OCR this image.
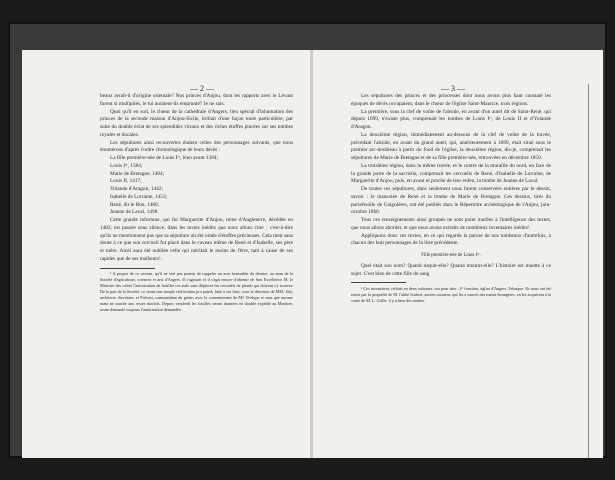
— 2 —

beaux seraît-il d'origine orientale? Nos princes d'Anjou, dont les rapports avec le Levant furent si multipliés, le lui auraient-ils emprunté? Je ne sais.

Quoi qu'il en soit, le chœur de la cathédrale d'Angers, lieu spécial d'inhumation des princes de la seconde maison d'Anjou-Sicile, brillait d'une façon toute particulière, par suite du double éclat de ses splendides vitraux et des riches étoffes placées sur ses tombes royales et ducales.

Les sépultures ainsi recouvertes étaient celles des personnages suivants, que nous énumérons d'après l'ordre chronologique de leurs décès :

La fille première-née de Louis Iᵉʳ, bien avant 1384;

Louis Iᵉʳ, 1384;

Marie de Bretagne, 1404;

Louis II, 1417;

Yolande d'Aragon, 1442;

Isabelle de Lorraine, 1453;

René, dit le Bon, 1480;

Jeanne de Laval, 1498.

Cette grande infortune, qui fut Marguerite d'Anjou, reine d'Angleterre, décédée en 1482, est passée sous silence, dans les textes inédits que nous allons citer : c'est-à-dire qu'ils ne mentionnent pas que sa sépulture ait été ornée d'étoffes précieuses. Cela tient sans doute à ce que son cercueil fut placé dans le caveau même de René et d'Isabelle, ses père et mère. Ainsi aura été oubliée celle qui méritait le moins de l'être, tant à cause de ses rapides que de ses malheurs¹.

¹ A propos de ce caveau, qu'il ne soit pas permis de rappeler un acte honorable du dernier, au nom de la Société d'agriculture, sciences et arts d'Angers. Il s'agissait et il s'agit encore d'obtenir de Son Excellence M. le Ministre des cultes l'autorisation de fouiller cet asile sans déplacer les cercueils de plomb qui doivent s'y trouver. De la part de la Société, ce serait une simple vérification pro patriâ, faite à ses frais, sous la direction de MM. Joly, architecte diocésain, et Prévost, commandant du génie, avec le consentement de Mᵍʳ l'évêque et sans que aucune main ne touche aux restes mortels. Depuis vendredi les fouilles seront données en double expédié au Ministre, avant demande toujours l'autorisation demandée.

— 3 —

Les sépultures des princes et des princesses dont nous avons plus haut constaté les époques de décès occupaient, dans le chœur de l'église Saint-Maurice, trois régions.

La première, sous la clef de voûte de l'abside, en avant d'un autel dit de Saint-René, qui depuis 1699, n'existe plus, comprenait les tombes de Louis Iᵉʳ, de Louis II et d'Yolande d'Aragon.

La deuxième région, immédiatement au-dessous de la clef de voûte de la travée, précédant l'abside, en avant du grand autel, qui, antérieurement à 1699, était situé sous le premier arc-doubleau à partir du fond de l'église, la deuxième région, dis-je, comprenait les sépultures de Marie de Bretagne et de sa fille première-née, retrouvées en décembre 1850.

La troisième région, dans la même travée, et le centre de la muraille du nord, en face de la grande porte de la sacristie, comprenait les cercueils de René, d'Isabelle de Lorraine, de Marguerite d'Anjou, puis, en avant et proche de leur enfeu, la tombe de Jeanne de Laval.

De toutes ces sépultures, dans seulement nous furent conservées entières par le dessin, savoir : le mausolée de René et la tombe de Marie de Bretagne. Ces dessins, tirés du portefeuille de Gaignières, ont été publiés dans le Répertoire archéologique de l'Anjou, juin-octobre 1866.

Tous ces renseignements ainsi groupés ne sont point inutiles à l'intelligence des textes, que nous allons aborder, et que nous avons extraits de nombreux inventaires inédits¹.

Appliquons donc ces textes, en ce qui regarde la parure de nos tombeaux d'autrefois, à chacun des huit personnages de la liste précédente.

Fille première-née de Louis Iᵉʳ.

Quel était son nom? Quand naquit-elle? Quand mourut-elle? L'histoire est muette à ce sujet. C'est bien de cette fille de sang

¹ Ces inventaires, réduits en deux volumes, ont pour titre : Iᵉʳ fonction, église d'Angers. Fabrique. Ils nous ont été remis par la propriété de M. l'abbé Joubert, ancien curateur, qui les a sauvés des mains étrangères, en les acquérant à la vente de M. L. Grille, il y a bien des années.
